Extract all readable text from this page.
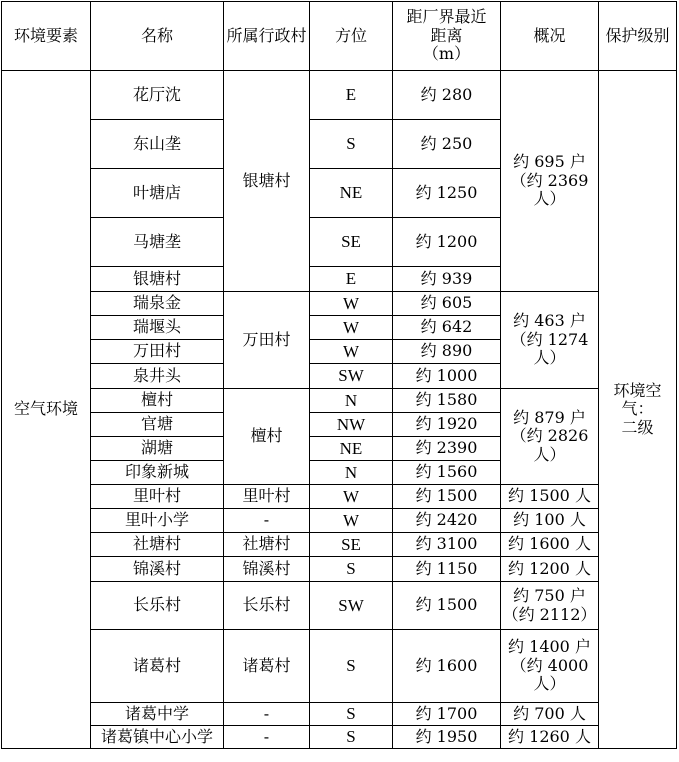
环境要素	名称	所属行政村	方位	距厂界最近
距离
（m）	概况	保护级别
空气环境	花厅沈	银塘村	E	约 280	约 695 户
（约 2369
人）	环境空
气：
二级
	东山垄		S	约 250		
	叶塘店		NE	约 1250		
	马塘垄		SE	约 1200		
	银塘村		E	约 939		
	瑞泉金	万田村	W	约 605	约 463 户
（约 1274
人）	
	瑞堰头		W	约 642		
	万田村		W	约 890		
	泉井头		SW	约 1000		
	檀村	檀村	N	约 1580	约 879 户
（约 2826
人）	
	官塘		NW	约 1920		
	湖塘		NE	约 2390		
	印象新城		N	约 1560		
	里叶村	里叶村	W	约 1500	约 1500 人	
	里叶小学	-	W	约 2420	约 100 人	
	社塘村	社塘村	SE	约 3100	约 1600 人	
	锦溪村	锦溪村	S	约 1150	约 1200 人	
	长乐村	长乐村	SW	约 1500	约 750 户
（约 2112）	
	诸葛村	诸葛村	S	约 1600	约 1400 户
（约 4000
人）	
	诸葛中学	-	S	约 1700	约 700 人	
	诸葛镇中心小学	-	S	约 1950	约 1260 人	
